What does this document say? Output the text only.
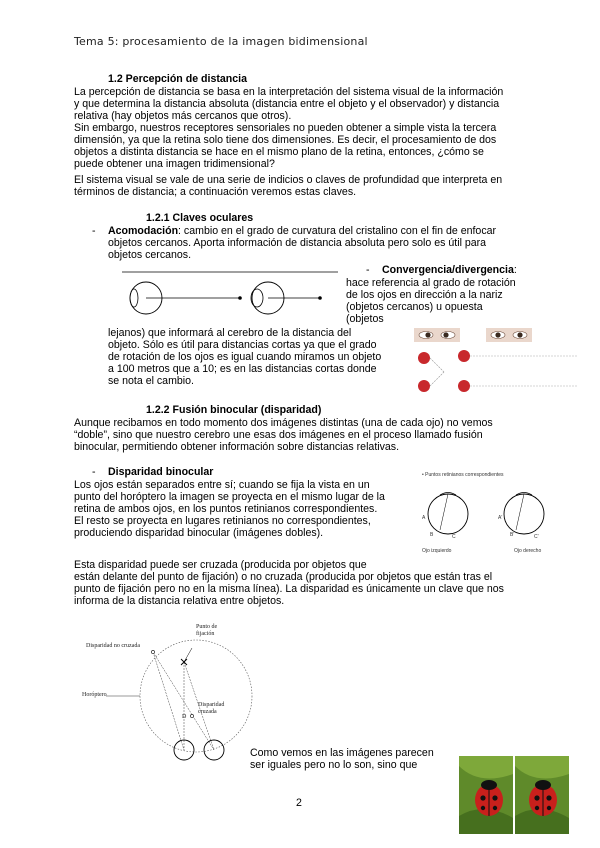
Tema 5: procesamiento de la imagen bidimensional
1.2 Percepción de distancia
La percepción de distancia se basa en la interpretación del sistema visual de la información
y que determina la distancia absoluta (distancia entre el objeto y el observador) y distancia
relativa (hay objetos más cercanos que otros).
Sin embargo, nuestros receptores sensoriales no pueden obtener a simple vista la tercera
dimensión, ya que la retina solo tiene dos dimensiones. Es decir, el procesamiento de dos
objetos a distinta distancia se hace en el mismo plano de la retina, entonces, ¿cómo se
puede obtener una imagen tridimensional?
El sistema visual se vale de una serie de indicios o claves de profundidad que interpreta en
términos de distancia; a continuación veremos estas claves.
1.2.1 Claves oculares
- Acomodación: cambio en el grado de curvatura del cristalino con el fin de enfocar
objetos cercanos. Aporta información de distancia absoluta pero solo es útil para
objetos cercanos.
- Convergencia/divergencia:
hace referencia al grado de rotación
de los ojos en dirección a la nariz
(objetos cercanos) u opuesta
(objetos
lejanos) que informará al cerebro de la distancia del
objeto. Sólo es útil para distancias cortas ya que el grado
de rotación de los ojos es igual cuando miramos un objeto
a 100 metros que a 10; es en las distancias cortas donde
se nota el cambio.
1.2.2 Fusión binocular (disparidad)
Aunque recibamos en todo momento dos imágenes distintas (una de cada ojo) no vemos
“doble”, sino que nuestro cerebro une esas dos imágenes en el proceso llamado fusión
binocular, permitiendo obtener información sobre distancias relativas.
- Disparidad binocular
Los ojos están separados entre sí; cuando se fija la vista en un
punto del horóptero la imagen se proyecta en el mismo lugar de la
retina de ambos ojos, en los puntos retinianos correspondientes.
El resto se proyecta en lugares retinianos no correspondientes,
produciendo disparidad binocular (imágenes dobles).
• Puntos retinianos correspondientes
A
B	C
A'
B'	C'
Ojo izquierdo	Ojo derecho
Esta disparidad puede ser cruzada (producida por objetos que
están delante del punto de fijación) o no cruzada (producida por objetos que están tras el
punto de fijación pero no en la misma línea). La disparidad es únicamente un clave que nos
informa de la distancia relativa entre objetos.
Disparidad no cruzada
Punto de fijación
Horóptero
Disparidad cruzada
D
Como vemos en las imágenes parecen
ser iguales pero no lo son, sino que
2
